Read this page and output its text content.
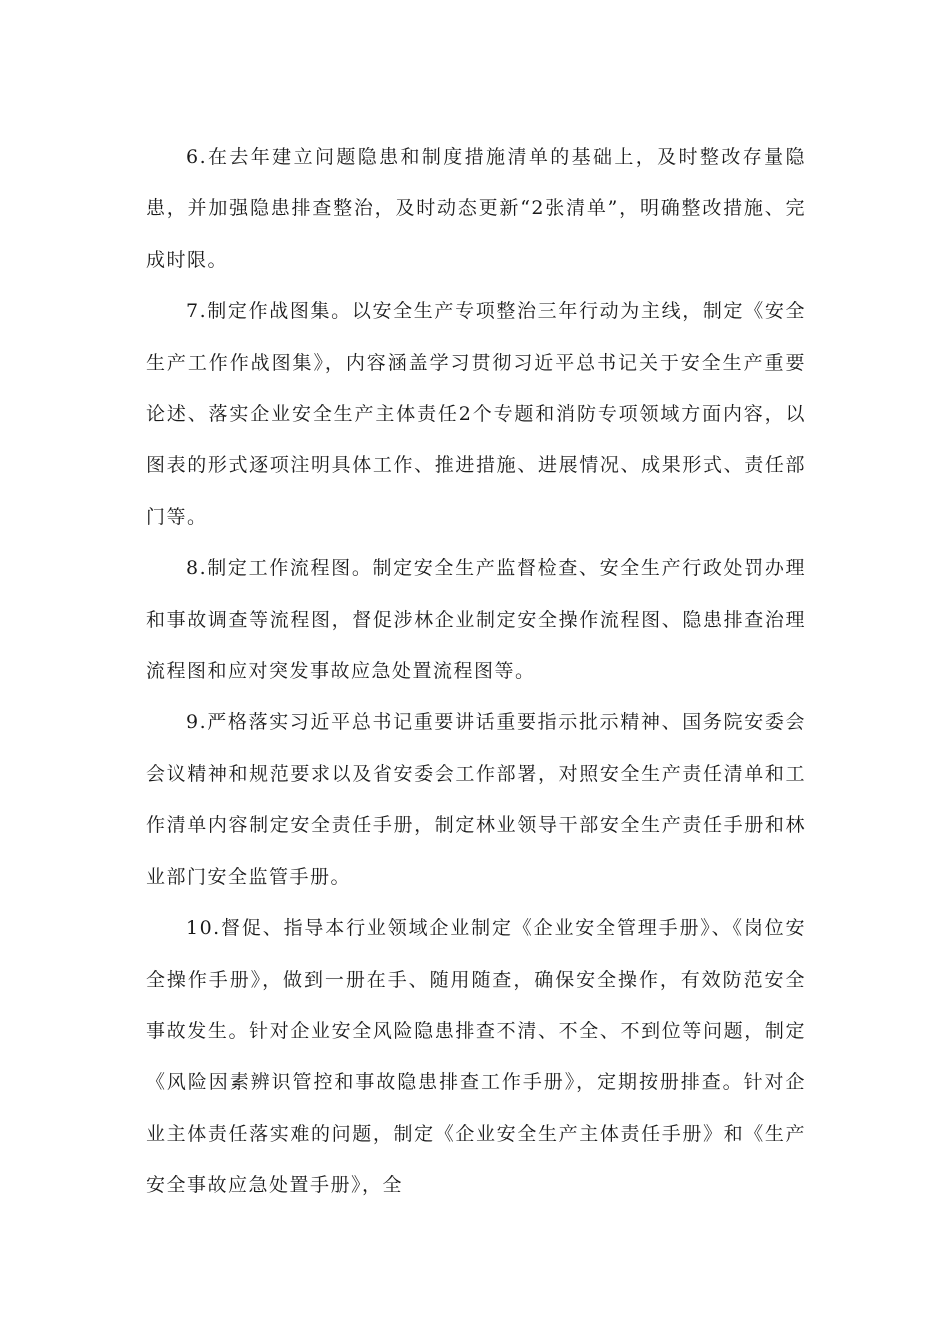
6.在去年建立问题隐患和制度措施清单的基础上，及时整改存量隐患，并加强隐患排查整治，及时动态更新“2张清单”，明确整改措施、完成时限。

7.制定作战图集。以安全生产专项整治三年行动为主线，制定《安全生产工作作战图集》，内容涵盖学习贯彻习近平总书记关于安全生产重要论述、落实企业安全生产主体责任2个专题和消防专项领域方面内容，以图表的形式逐项注明具体工作、推进措施、进展情况、成果形式、责任部门等。

8.制定工作流程图。制定安全生产监督检查、安全生产行政处罚办理和事故调查等流程图，督促涉林企业制定安全操作流程图、隐患排查治理流程图和应对突发事故应急处置流程图等。

9.严格落实习近平总书记重要讲话重要指示批示精神、国务院安委会会议精神和规范要求以及省安委会工作部署，对照安全生产责任清单和工作清单内容制定安全责任手册，制定林业领导干部安全生产责任手册和林业部门安全监管手册。

10.督促、指导本行业领域企业制定《企业安全管理手册》、《岗位安全操作手册》，做到一册在手、随用随查，确保安全操作，有效防范安全事故发生。针对企业安全风险隐患排查不清、不全、不到位等问题，制定《风险因素辨识管控和事故隐患排查工作手册》，定期按册排查。针对企业主体责任落实难的问题，制定《企业安全生产主体责任手册》和《生产安全事故应急处置手册》，全
